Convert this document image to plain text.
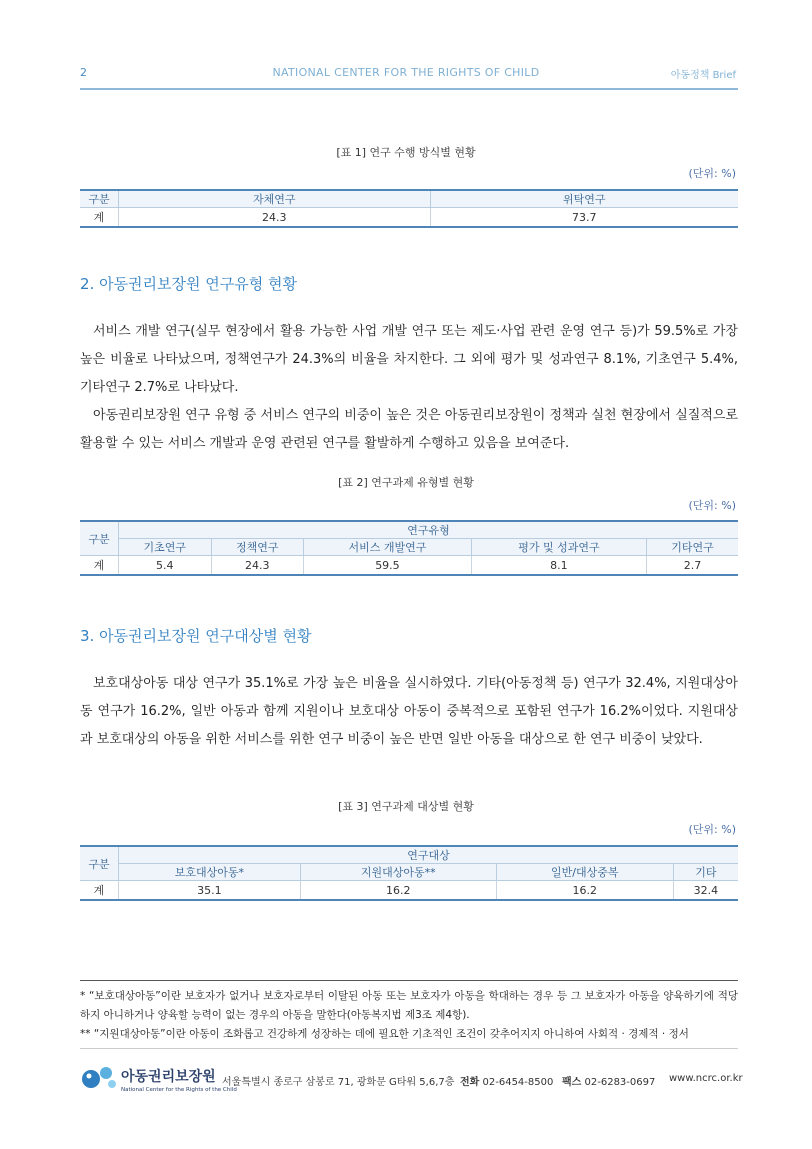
2	NATIONAL CENTER FOR THE RIGHTS OF CHILD	아동정책 Brief
[표 1] 연구 수행 방식별 현황
(단위: %)
구분	자체연구	위탁연구
계	24.3	73.7
2. 아동권리보장원 연구유형 현황
서비스 개발 연구(실무 현장에서 활용 가능한 사업 개발 연구 또는 제도·사업 관련 운영 연구 등)가 59.5%로 가장 높은 비율로 나타났으며, 정책연구가 24.3%의 비율을 차지한다. 그 외에 평가 및 성과연구 8.1%, 기초연구 5.4%, 기타연구 2.7%로 나타났다.
아동권리보장원 연구 유형 중 서비스 연구의 비중이 높은 것은 아동권리보장원이 정책과 실천 현장에서 실질적으로 활용할 수 있는 서비스 개발과 운영 관련된 연구를 활발하게 수행하고 있음을 보여준다.
[표 2] 연구과제 유형별 현황
(단위: %)
구분	연구유형				
	기초연구	정책연구	서비스 개발연구	평가 및 성과연구	기타연구
계	5.4	24.3	59.5	8.1	2.7
3. 아동권리보장원 연구대상별 현황
보호대상아동 대상 연구가 35.1%로 가장 높은 비율을 실시하였다. 기타(아동정책 등) 연구가 32.4%, 지원대상아동 연구가 16.2%, 일반 아동과 함께 지원이나 보호대상 아동이 중복적으로 포함된 연구가 16.2%이었다. 지원대상과 보호대상의 아동을 위한 서비스를 위한 연구 비중이 높은 반면 일반 아동을 대상으로 한 연구 비중이 낮았다.
[표 3] 연구과제 대상별 현황
(단위: %)
구분	연구대상			
	보호대상아동*	지원대상아동**	일반/대상중복	기타
계	35.1	16.2	16.2	32.4
* “보호대상아동”이란 보호자가 없거나 보호자로부터 이탈된 아동 또는 보호자가 아동을 학대하는 경우 등 그 보호자가 아동을 양육하기에 적당하지 아니하거나 양육할 능력이 없는 경우의 아동을 말한다(아동복지법 제3조 제4항).
** “지원대상아동”이란 아동이 조화롭고 건강하게 성장하는 데에 필요한 기초적인 조건이 갖추어지지 아니하여 사회적 · 경제적 · 정서
아동권리보장원
National Center for the Rights of the Child
서울특별시 종로구 삼봉로 71, 광화문 G타워 5,6,7층 전화 02-6454-8500 팩스 02-6283-0697 www.ncrc.or.kr
